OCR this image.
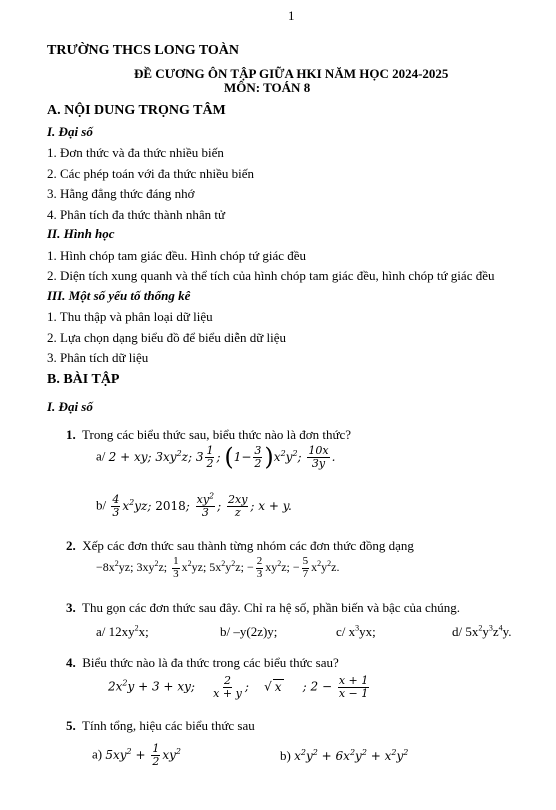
1
TRƯỜNG THCS LONG TOÀN
ĐỀ CƯƠNG ÔN TẬP GIỮA HKI NĂM HỌC 2024-2025
MÔN: TOÁN 8
A. NỘI DUNG TRỌNG TÂM
I. Đại số
1. Đơn thức và đa thức nhiều biến
2. Các phép toán với đa thức nhiều biến
3. Hằng đẳng thức đáng nhớ
4. Phân tích đa thức thành nhân tử
II. Hình học
1. Hình chóp tam giác đều. Hình chóp tứ giác đều
2. Diện tích xung quanh và thể tích của hình chóp tam giác đều, hình chóp tứ giác đều
III. Một số yếu tố thống kê
1. Thu thập và phân loại dữ liệu
2. Lựa chọn dạng biểu đồ để biểu diễn dữ liệu
3. Phân tích dữ liệu
B. BÀI TẬP
I. Đại số
1. Trong các biểu thức sau, biểu thức nào là đơn thức?
a/ 2 + xy; $3xy^2z$; $3 \frac{1}{2}$ ; $(1- \frac{3}{2} )x^2y^2$; $\frac{10x}{3y}$ .
$b/ \frac{4}{3} x^2yz$; 2018; $\frac{xy^2}{3}$ ; $\frac{2xy}{z}$ ; x + y.
2. Xếp các đơn thức sau thành từng nhóm các đơn thức đồng dạng
$-8x^2yz$; $3xy^2z$; $\frac{1}{3} x^2yz$; $5x^2y^2z$; − $\frac{2}{3} xy^2z$; − $\frac{5}{7} x^2y^2z$.
3. Thu gọn các đơn thức sau đây. Chỉ ra hệ số, phần biến và bậc của chúng.
a/ $12xy^2x$;	b/ –y(2z)y;	c/ $x^3yx$;	d/ $5x^2y^3z^4y$.
4. Biểu thức nào là đa thức trong các biểu thức sau?
$2x^2y + 3$ + xy; $\frac{2}{x + y}$ ;    √ x     ; $2 - \frac{x + 1}{x - 1}$
5. Tính tổng, hiệu các biểu thức sau
a) $5xy^2 + \frac{1}{2} xy^2$	b) $x^2y^2 + 6x^2y^2 + x^2y^2$
